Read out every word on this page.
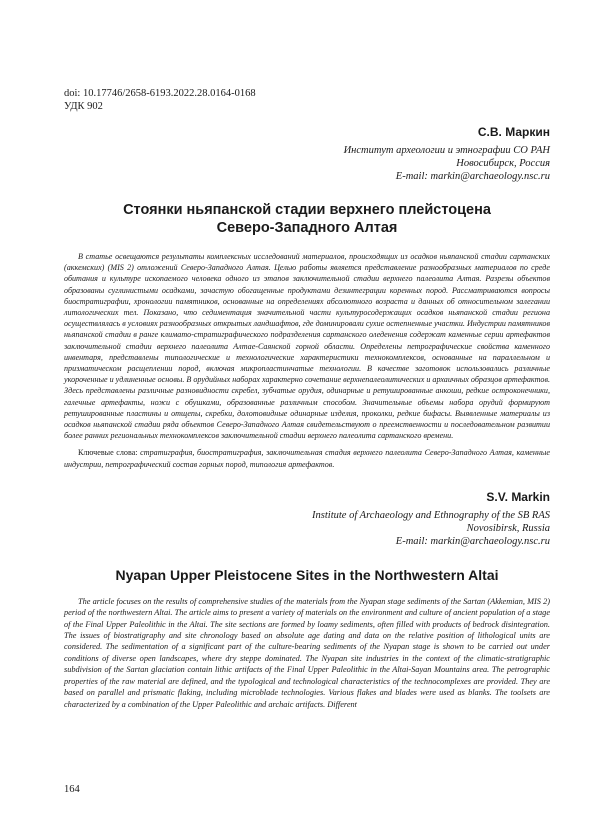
doi: 10.17746/2658-6193.2022.28.0164-0168
УДК 902
С.В. Маркин
Институт археологии и этнографии СО РАН
Новосибирск, Россия
E-mail: markin@archaeology.nsc.ru
Стоянки ньяпанской стадии верхнего плейстоцена
Северо-Западного Алтая

В статье освещаются результаты комплексных исследований материалов, происходящих из осадков ньяпанской стадии сартанских (аккемских) (MIS 2) отложений Северо-Западного Алтая. Целью работы является представление разнообразных материалов по среде обитания и культуре ископаемого человека одного из этапов заключительной стадии верхнего палеолита Алтая. Разрезы объектов образованы суглинистыми осадками, зачастую обогащенные продуктами дезинтеграции коренных пород. Рассматриваются вопросы биостратиграфии, хронологии памятников, основанные на определениях абсолютного возраста и данных об относительном залегании литологических тел. Показано, что седиментация значительной части культуросодержащих осадков ньяпанской стадии региона осуществлялась в условиях разнообразных открытых ландшафтов, где доминировали сухие остепненные участки. Индустрии памятников ньяпанской стадии в ранге климато-стратиграфического подразделения сартанского оледенения содержат каменные серии артефактов заключительной стадии верхнего палеолита Алтае-Саянской горной области. Определены петрографические свойства каменного инвентаря, представлены типологические и технологические характеристики технокомплексов, основанные на параллельном и призматическом расщеплении пород, включая микропластинчатые технологии. В качестве заготовок использовались различные укороченные и удлиненные основы. В орудийных наборах характерно сочетание верхнепалеолитических и архаичных образцов артефактов. Здесь представлены различные разновидности скребел, зубчатые орудия, одинарные и ретушированные анкоши, редкие остроконечники, галечные артефакты, ножи с обушками, образованные различным способом. Значительные объемы набора орудий формируют ретушированные пластины и отщепы, скребки, долотовидные одинарные изделия, проколки, редкие бифасы. Выявленные материалы из осадков ньяпанской стадии ряда объектов Северо-Западного Алтая свидетельствуют о преемственности и последовательном развитии более ранних региональных технокомплексов заключительной стадии верхнего палеолита сартанского времени.

Ключевые слова: стратиграфия, биостратиграфия, заключительная стадия верхнего палеолита Северо-Западного Алтая, каменные индустрии, петрографический состав горных пород, типология артефактов.

S.V. Markin
Institute of Archaeology and Ethnography of the SB RAS
Novosibirsk, Russia
E-mail: markin@archaeology.nsc.ru
Nyapan Upper Pleistocene Sites in the Northwestern Altai

The article focuses on the results of comprehensive studies of the materials from the Nyapan stage sediments of the Sartan (Akkemian, MIS 2) period of the northwestern Altai. The article aims to present a variety of materials on the environment and culture of ancient population of a stage of the Final Upper Paleolithic in the Altai. The site sections are formed by loamy sediments, often filled with products of bedrock disintegration. The issues of biostratigraphy and site chronology based on absolute age dating and data on the relative position of lithological units are considered. The sedimentation of a significant part of the culture-bearing sediments of the Nyapan stage is shown to be carried out under conditions of diverse open landscapes, where dry steppe dominated. The Nyapan site industries in the context of the climatic-stratigraphic subdivision of the Sartan glaciation contain lithic artifacts of the Final Upper Paleolithic in the Altai-Sayan Mountains area. The petrographic properties of the raw material are defined, and the typological and technological characteristics of the technocomplexes are provided. They are based on parallel and prismatic flaking, including microblade technologies. Various flakes and blades were used as blanks. The toolsets are characterized by a combination of the Upper Paleolithic and archaic artifacts. Different

164
